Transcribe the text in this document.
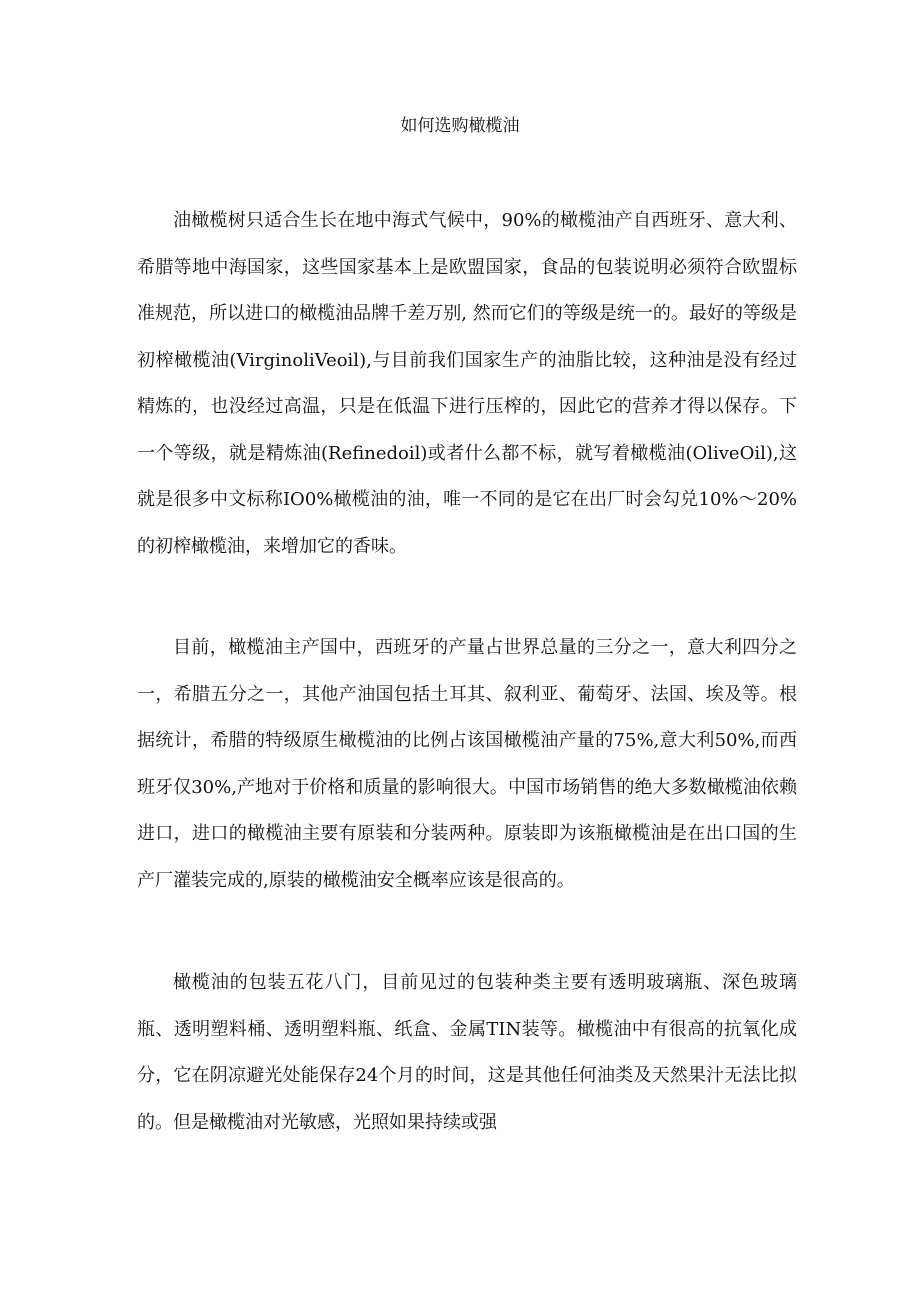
如何选购橄榄油

油橄榄树只适合生长在地中海式气候中，90%的橄榄油产自西班牙、意大利、希腊等地中海国家，这些国家基本上是欧盟国家，食品的包装说明必须符合欧盟标准规范，所以进口的橄榄油品牌千差万别, 然而它们的等级是统一的。最好的等级是初榨橄榄油(VirginoliVeoil),与目前我们国家生产的油脂比较，这种油是没有经过精炼的，也没经过高温，只是在低温下进行压榨的，因此它的营养才得以保存。下一个等级，就是精炼油(Refinedoil)或者什么都不标，就写着橄榄油(OliveOil),这就是很多中文标称IO0%橄榄油的油，唯一不同的是它在出厂时会勾兑10%～20%的初榨橄榄油，来增加它的香味。

目前，橄榄油主产国中，西班牙的产量占世界总量的三分之一，意大利四分之一，希腊五分之一，其他产油国包括土耳其、叙利亚、葡萄牙、法国、埃及等。根据统计，希腊的特级原生橄榄油的比例占该国橄榄油产量的75%,意大利50%,而西班牙仅30%,产地对于价格和质量的影响很大。中国市场销售的绝大多数橄榄油依赖进口，进口的橄榄油主要有原装和分装两种。原装即为该瓶橄榄油是在出口国的生产厂灌装完成的,原装的橄榄油安全概率应该是很高的。

橄榄油的包装五花八门，目前见过的包装种类主要有透明玻璃瓶、深色玻璃瓶、透明塑料桶、透明塑料瓶、纸盒、金属TIN装等。橄榄油中有很高的抗氧化成分，它在阴凉避光处能保存24个月的时间，这是其他任何油类及天然果汁无法比拟的。但是橄榄油对光敏感，光照如果持续或强
